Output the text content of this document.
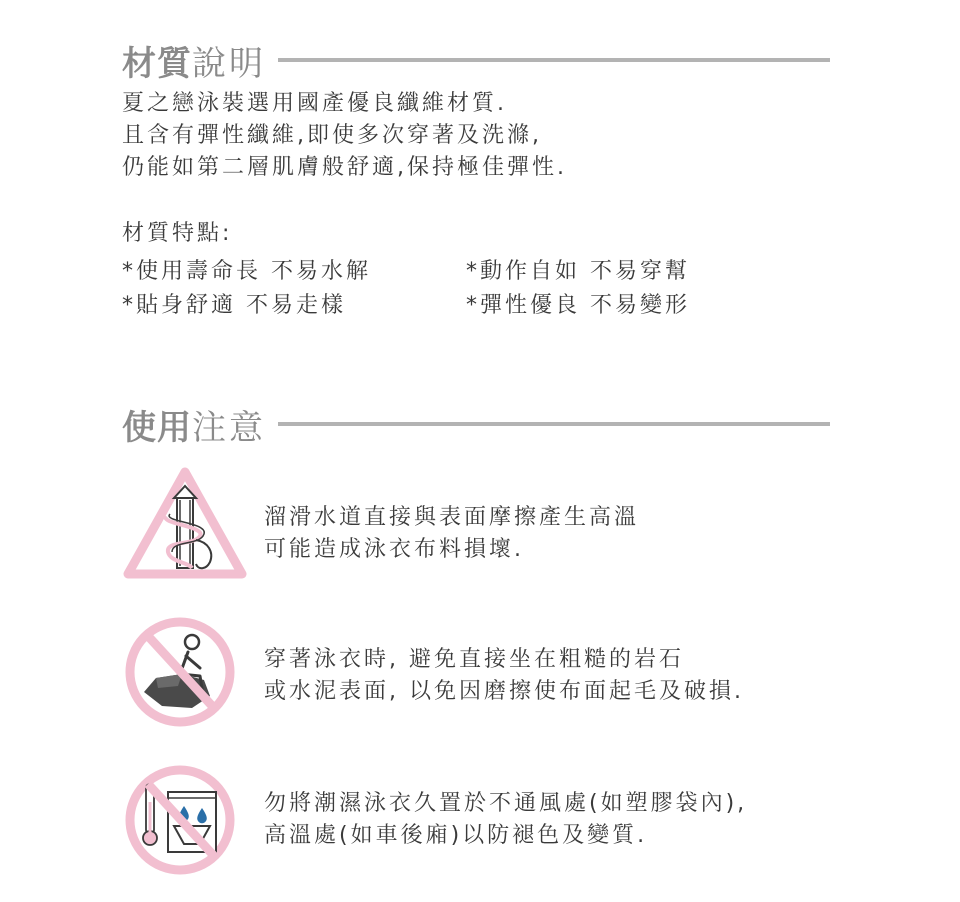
材質 說明
夏之戀泳裝選用國產優良纖維材質.
且含有彈性纖維,即使多次穿著及洗滌,
仍能如第二層肌膚般舒適,保持極佳彈性.
材質特點:
*使用壽命長 不易水解	*動作自如 不易穿幫
*貼身舒適 不易走樣	*彈性優良 不易變形
使用 注意
溜滑水道直接與表面摩擦產生高溫
可能造成泳衣布料損壞.
穿著泳衣時, 避免直接坐在粗糙的岩石
或水泥表面, 以免因磨擦使布面起毛及破損.
勿將潮濕泳衣久置於不通風處(如塑膠袋內),
高溫處(如車後廂)以防褪色及變質.
